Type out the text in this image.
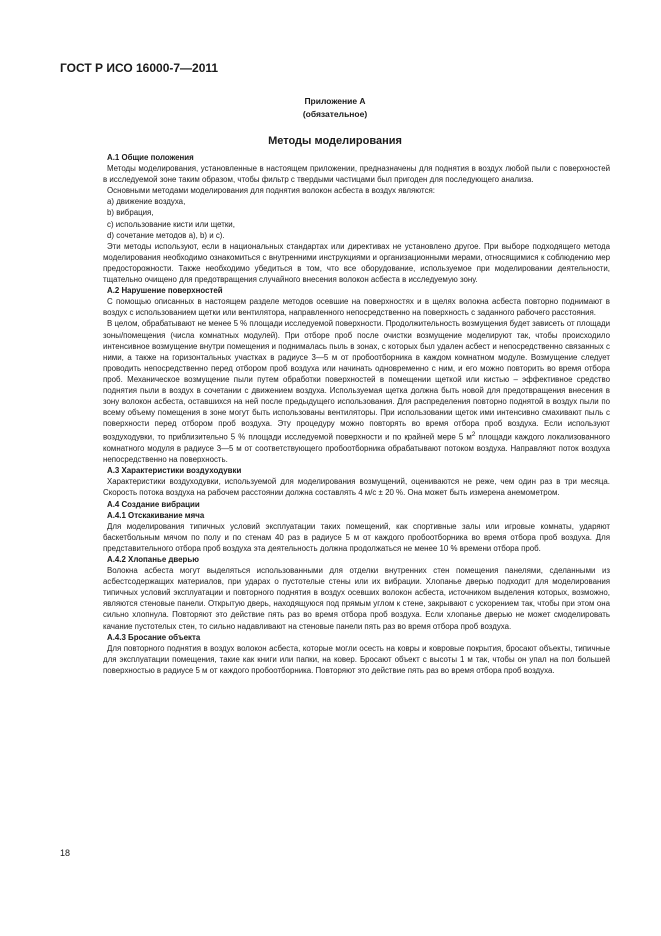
ГОСТ Р ИСО 16000-7—2011
Приложение А
(обязательное)
Методы моделирования

А.1 Общие положения

Методы моделирования, установленные в настоящем приложении, предназначены для поднятия в воздух любой пыли с поверхностей в исследуемой зоне таким образом, чтобы фильтр с твердыми частицами был пригоден для последующего анализа.

Основными методами моделирования для поднятия волокон асбеста в воздух являются:

а) движение воздуха,

b) вибрация,

с) использование кисти или щетки,

d) сочетание методов а), b) и с).

Эти методы используют, если в национальных стандартах или директивах не установлено другое. При выборе подходящего метода моделирования необходимо ознакомиться с внутренними инструкциями и организационными мерами, относящимися к соблюдению мер предосторожности. Также необходимо убедиться в том, что все оборудование, используемое при моделировании деятельности, тщательно очищено для предотвращения случайного внесения волокон асбеста в исследуемую зону.

А.2 Нарушение поверхностей

С помощью описанных в настоящем разделе методов осевшие на поверхностях и в щелях волокна асбеста повторно поднимают в воздух с использованием щетки или вентилятора, направленного непосредственно на поверхность с заданного рабочего расстояния.

В целом, обрабатывают не менее 5 % площади исследуемой поверхности. Продолжительность возмущения будет зависеть от площади зоны/помещения (числа комнатных модулей). При отборе проб после очистки возмущение моделируют так, чтобы происходило интенсивное возмущение внутри помещения и поднималась пыль в зонах, с которых был удален асбест и непосредственно связанных с ними, а также на горизонтальных участках в радиусе 3—5 м от пробоотборника в каждом комнатном модуле. Возмущение следует проводить непосредственно перед отбором проб воздуха или начинать одновременно с ним, и его можно повторить во время отбора проб. Механическое возмущение пыли путем обработки поверхностей в помещении щеткой или кистью – эффективное средство поднятия пыли в воздух в сочетании с движением воздуха. Используемая щетка должна быть новой для предотвращения внесения в зону волокон асбеста, оставшихся на ней после предыдущего использования. Для распределения повторно поднятой в воздух пыли по всему объему помещения в зоне могут быть использованы вентиляторы. При использовании щеток ими интенсивно смахивают пыль с поверхности перед отбором проб воздуха. Эту процедуру можно повторять во время отбора проб воздуха. Если используют воздуходувки, то приблизительно 5 % площади исследуемой поверхности и по крайней мере 5 $м^2$ площади каждого локализованного комнатного модуля в радиусе 3—5 м от соответствующего пробоотборника обрабатывают потоком воздуха. Направляют поток воздуха непосредственно на поверхность.

А.3 Характеристики воздуходувки

Характеристики воздуходувки, используемой для моделирования возмущений, оцениваются не реже, чем один раз в три месяца. Скорость потока воздуха на рабочем расстоянии должна составлять 4 м/с ± 20 %. Она может быть измерена анемометром.

А.4 Создание вибрации

А.4.1 Отскакивание мяча

Для моделирования типичных условий эксплуатации таких помещений, как спортивные залы или игровые комнаты, ударяют баскетбольным мячом по полу и по стенам 40 раз в радиусе 5 м от каждого пробоотборника во время отбора проб воздуха. Для представительного отбора проб воздуха эта деятельность должна продолжаться не менее 10 % времени отбора проб.

А.4.2 Хлопанье дверью

Волокна асбеста могут выделяться использованными для отделки внутренних стен помещения панелями, сделанными из асбестсодержащих материалов, при ударах о пустотелые стены или их вибрации. Хлопанье дверью подходит для моделирования типичных условий эксплуатации и повторного поднятия в воздух осевших волокон асбеста, источником выделения которых, возможно, являются стеновые панели. Открытую дверь, находящуюся под прямым углом к стене, закрывают с ускорением так, чтобы при этом она сильно хлопнула. Повторяют это действие пять раз во время отбора проб воздуха. Если хлопанье дверью не может смоделировать качание пустотелых стен, то сильно надавливают на стеновые панели пять раз во время отбора проб воздуха.

А.4.3 Бросание объекта

Для повторного поднятия в воздух волокон асбеста, которые могли осесть на ковры и ковровые покрытия, бросают объекты, типичные для эксплуатации помещения, такие как книги или папки, на ковер. Бросают объект с высоты 1 м так, чтобы он упал на пол большей поверхностью в радиусе 5 м от каждого пробоотборника. Повторяют это действие пять раз во время отбора проб воздуха.

18
